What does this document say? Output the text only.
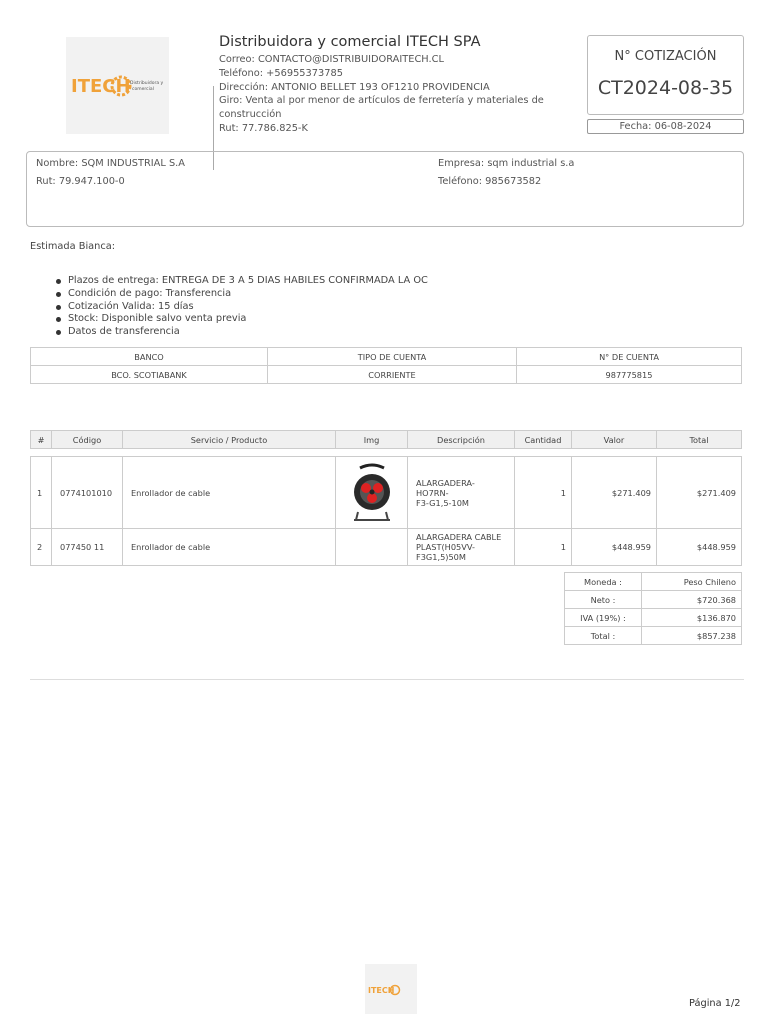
ITECH Distribuidora y
comercial
Distribuidora y comercial ITECH SPA
Correo: CONTACTO@DISTRIBUIDORAITECH.CL
Teléfono: +56955373785
Dirección: ANTONIO BELLET 193 OF1210 PROVIDENCIA
Giro: Venta al por menor de artículos de ferretería y materiales de
construcción
Rut: 77.786.825-K
N° COTIZACIÓN
CT2024-08-35
Fecha: 06-08-2024
Nombre: SQM INDUSTRIAL S.A
Rut: 79.947.100-0
Empresa: sqm industrial s.a
Teléfono: 985673582
Estimada Bianca:
Plazos de entrega: ENTREGA DE 3 A 5 DIAS HABILES CONFIRMADA LA OC
Condición de pago: Transferencia
Cotización Valida: 15 días
Stock: Disponible salvo venta previa
Datos de transferencia
BANCO	TIPO DE CUENTA	N° DE CUENTA
BCO. SCOTIABANK	CORRIENTE	987775815
#	Código	Servicio / Producto	Img	Descripción	Cantidad	Valor	Total
1	0774101010	Enrollador de cable		ALARGADERA-HO7RN-
F3-G1,5-10M	1	$271.409	$271.409
2	077450 11	Enrollador de cable		ALARGADERA CABLE
PLAST(H05VV-
F3G1,5)50M	1	$448.959	$448.959
Moneda :	Peso Chileno
Neto :	$720.368
IVA (19%) :	$136.870
Total :	$857.238
ITECH
Página 1/2
